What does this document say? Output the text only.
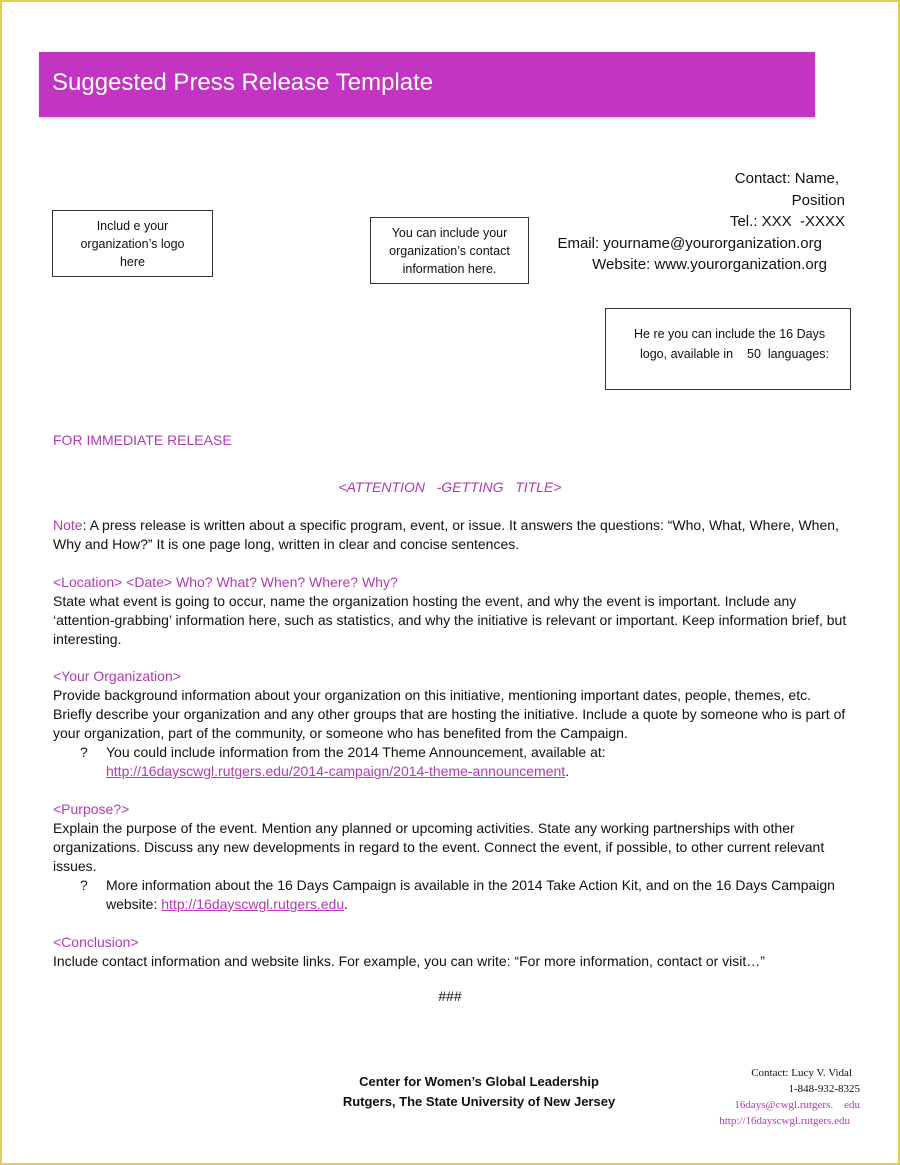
Suggested Press Release Template
Includ e your
organization’s logo
here
You can include your
organization’s contact
information here.
Contact: Name,
Position
Tel.: XXX  -XXXX
Email: yourname@yourorganization.org
Website: www.yourorganization.org
He re you can include the 16 Days
logo, available in    50  languages:
FOR IMMEDIATE RELEASE
<ATTENTION   -GETTING   TITLE>

Note: A press release is written about a specific program, event, or issue. It answers the questions: “Who, What, Where, When, Why and How?” It is one page long, written in clear and concise sentences.

<Location> <Date> Who? What? When? Where? Why?

State what event is going to occur, name the organization hosting the event, and why the event is important. Include any ‘attention-grabbing’ information here, such as statistics, and why the initiative is relevant or important. Keep information brief, but interesting.

<Your Organization>

Provide background information about your organization on this initiative, mentioning important dates, people, themes, etc. Briefly describe your organization and any other groups that are hosting the initiative. Include a quote by someone who is part of your organization, part of the community, or someone who has benefited from the Campaign.

? You could include information from the 2014 Theme Announcement, available at:
http://16dayscwgl.rutgers.edu/2014-campaign/2014-theme-announcement.

<Purpose?>

Explain the purpose of the event. Mention any planned or upcoming activities. State any working partnerships with other organizations. Discuss any new developments in regard to the event. Connect the event, if possible, to other current relevant issues.

? More information about the 16 Days Campaign is available in the 2014 Take Action Kit, and on the 16 Days Campaign website: http://16dayscwgl.rutgers.edu.

<Conclusion>

Include contact information and website links. For example, you can write: “For more information, contact or visit…”

###
Center for Women’s Global Leadership
Rutgers, The State University of New Jersey
Contact: Lucy V. Vidal
1-848-932-8325
16days@cwgl.rutgers.    edu
http://16dayscwgl.rutgers.edu
